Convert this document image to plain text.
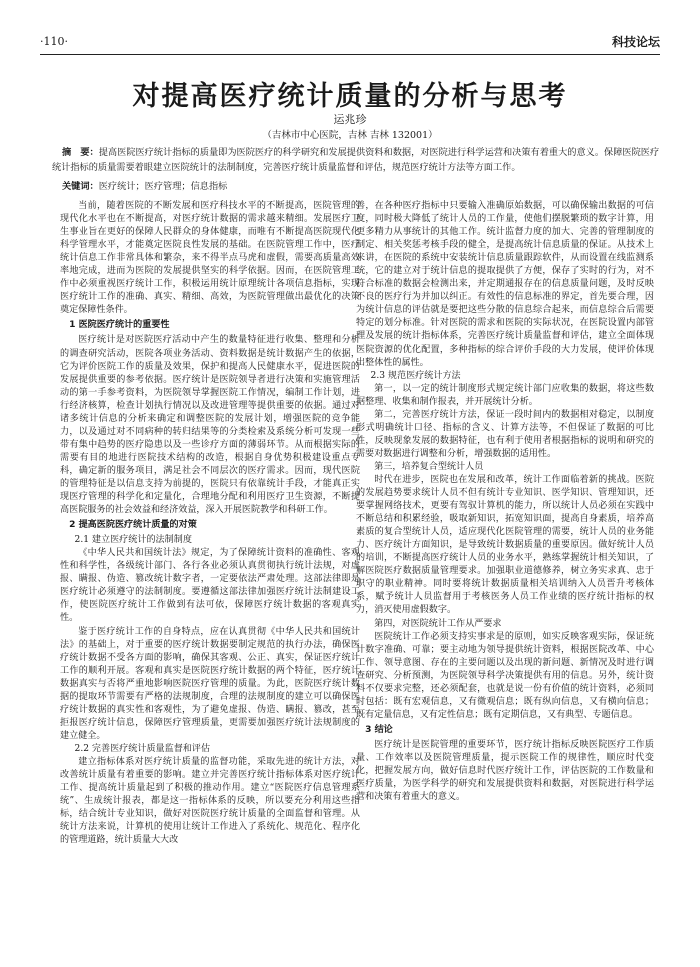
·110·	科技论坛
对提高医疗统计质量的分析与思考
运兆珍
（吉林市中心医院，吉林 吉林 132001）
摘　要：提高医院医疗统计指标的质量即为医院医疗的科学研究和发展提供资料和数据，对医院进行科学运营和决策有着重大的意义。保障医院医疗统计指标的质量需要着眼建立医院统计的法制制度，完善医疗统计质量监督和评估，规范医疗统计方法等方面工作。
关键词：医疗统计；医疗管理；信息指标

当前，随着医院的不断发展和医疗科技水平的不断提高，医院管理的现代化水平也在不断提高，对医疗统计数据的需求越来精细。发展医疗卫生事业旨在更好的保障人民群众的身体健康，而唯有不断提高医院现代化科学管理水平，才能奠定医院良性发展的基础。在医院管理工作中，医疗统计信息工作非常具体和繁杂，来不得半点马虎和虚假，需要高质量高效率地完成，进而为医院的发展提供坚实的科学依据。因而，在医院管理工作中必须重视医疗统计工作，积极运用统计原理统计各项信息指标，实现医疗统计工作的准确、真实、精细、高效，为医院管理做出最优化的决策奠定保障性条件。

1 医院医疗统计的重要性

医疗统计是对医院医疗活动中产生的数量特征进行收集、整理和分析的调查研究活动，医院各项业务活动、资料数据是统计数据产生的依据，它为评价医院工作的质量及效果，保护和提高人民健康水平，促进医院的发展提供重要的参考依据。医疗统计是医院领导者进行决策和实施管理活动的第一手参考资料，为医院领导掌握医院工作情况，编制工作计划，进行经济核算，检查计划执行情况以及改进管理等提供重要的依据。通过对诸多统计信息的分析来确定和调整医院的发展计划，增强医院的竞争能力，以及通过对不同病种的转归结果等的分类检索及系统分析可发现一些带有集中趋势的医疗隐患以及一些诊疗方面的薄弱环节。从而根据实际的需要有目的地进行医院技术结构的改造，根据自身优势积极建设重点专科，确定新的服务项目，满足社会不同层次的医疗需求。因而，现代医院的管理特征是以信息支持为前提的，医院只有依靠统计手段，才能真正实现医疗管理的科学化和定量化，合理地分配和利用医疗卫生资源，不断提高医院服务的社会效益和经济效益，深入开展医院教学和科研工作。

2 提高医院医疗统计质量的对策

2.1 建立医疗统计的法制制度

《中华人民共和国统计法》规定，为了保障统计资料的准确性、客观性和科学性，各级统计部门、各行各业必须认真贯彻执行统计法规，对虚报、瞒报、伪造、篡改统计数字者，一定要依法严肃处理。这部法律即是医疗统计必须遵守的法制制度。要遵循这部法律加强医疗统计法制建设工作，使医院医疗统计工作做到有法可依，保障医疗统计数据的客观真实性。

鉴于医疗统计工作的自身特点，应在认真贯彻《中华人民共和国统计法》的基础上，对于重要的医疗统计数据要制定规范的执行办法，确保医疗统计数据不受各方面的影响，确保其客观、公正、真实，保证医疗统计工作的顺利开展。客观和真实是医院医疗统计数据的两个特征，医疗统计数据真实与否将严重地影响医院医疗管理的质量。为此，医院医疗统计数据的提取环节需要有严格的法规制度，合理的法规制度的建立可以确保医疗统计数据的真实性和客观性，为了避免虚报、伪造、瞒报、篡改，甚至拒报医疗统计信息，保障医疗管理质量，更需要加强医疗统计法规制度的建立健全。

2.2 完善医疗统计质量监督和评估

建立指标体系对医疗统计质量的监督功能，采取先进的统计方法，对改善统计质量有着重要的影响。建立并完善医疗统计指标体系对医疗统计工作、提高统计质量起到了积极的推动作用。建立“医院医疗信息管理系统”、生成统计报表，都是这一指标体系的反映，所以要充分利用这些指标，结合统计专业知识，做好对医院医疗统计质量的全面监督和管理。从统计方法来说，计算机的使用让统计工作进入了系统化、规范化、程序化的管理道路，统计质量大大改

善，在各种医疗指标中只要输入准确原始数据，可以确保输出数据的可信度，同时极大降低了统计人员的工作量，使他们摆脱繁琐的数字计算，用更多精力从事统计的其他工作。统计监督力度的加大、完善的管理制度的制定、相关奖惩考核手段的健全，是提高统计信息质量的保证。从技术上来讲，在医院的系统中安装统计信息质量跟踪软件，从而设置在线监测系统，它的建立对于统计信息的提取提供了方便，保存了实时的行为，对不符合标准的数据会检测出来，并定期通报存在的信息质量问题，及时反映不良的医疗行为并加以纠正。有效性的信息标准的界定，首先要合理，因为统计信息的评估就是要把这些分散的信息综合起来，而信息综合后需要特定的划分标准。针对医院的需求和医院的实际状况，在医院设置内部管理及发展的统计指标体系，完善医疗统计质量监督和评估，建立全面体现医院资源的优化配置，多种指标的综合评价手段的大力发展，使评价体现出整体性的属性。

2.3 规范医疗统计方法

第一，以一定的统计制度形式规定统计部门应收集的数据，将这些数据整理、收集和制作报表，并开展统计分析。

第二，完善医疗统计方法，保证一段时间内的数据相对稳定，以制度形式明确统计口径、指标的含义、计算方法等，不但保证了数据的可比性，反映现象发展的数据特征，也有利于使用者根据指标的说明和研究的需要对数据进行调整和分析，增强数据的适用性。

第三，培养复合型统计人员

时代在进步，医院也在发展和改革，统计工作面临着新的挑战。医院的发展趋势要求统计人员不但有统计专业知识、医学知识、管理知识，还要掌握网络技术，更要有驾驭计算机的能力，所以统计人员必须在实践中不断总结和积累经验，吸取新知识，拓宽知识面，提高自身素质，培养高素质的复合型统计人员，适应现代化医院管理的需要，统计人员的业务能力、医疗统计方面知识，是导致统计数据质量的重要原因。做好统计人员的培训，不断提高医疗统计人员的业务水平，熟练掌握统计相关知识，了解医院医疗数据质量管理要求。加强职业道德修养，树立务实求真、忠于职守的职业精神。同时要将统计数据质量相关培训纳入人员晋升考核体系，赋予统计人员监督用于考核医务人员工作业绩的医疗统计指标的权力，消灭使用虚假数字。

第四，对医院统计工作从严要求

医院统计工作必须支持实事求是的原则，如实反映客观实际，保证统计数字准确、可靠；要主动地为领导提供统计资料，根据医院改革、中心工作、领导意图、存在的主要问题以及出现的新问题、新情况及时进行调查研究、分析预测，为医院领导科学决策提供有用的信息。另外，统计资料不仅要求完整，还必须配套，也就是说一份有价值的统计资料，必须同时包括：既有宏观信息，又有微观信息；既有纵向信息，又有横向信息；既有定量信息，又有定性信息；既有定期信息，又有典型、专题信息。

3 结论

医疗统计是医院管理的重要环节，医疗统计指标反映医院医疗工作质量、工作效率以及医院管理质量，提示医院工作的规律性，顺应时代变化，把握发展方向，做好信息时代医疗统计工作，评估医院的工作数量和医疗质量，为医学科学的研究和发展提供资料和数据，对医院进行科学运营和决策有着重大的意义。
